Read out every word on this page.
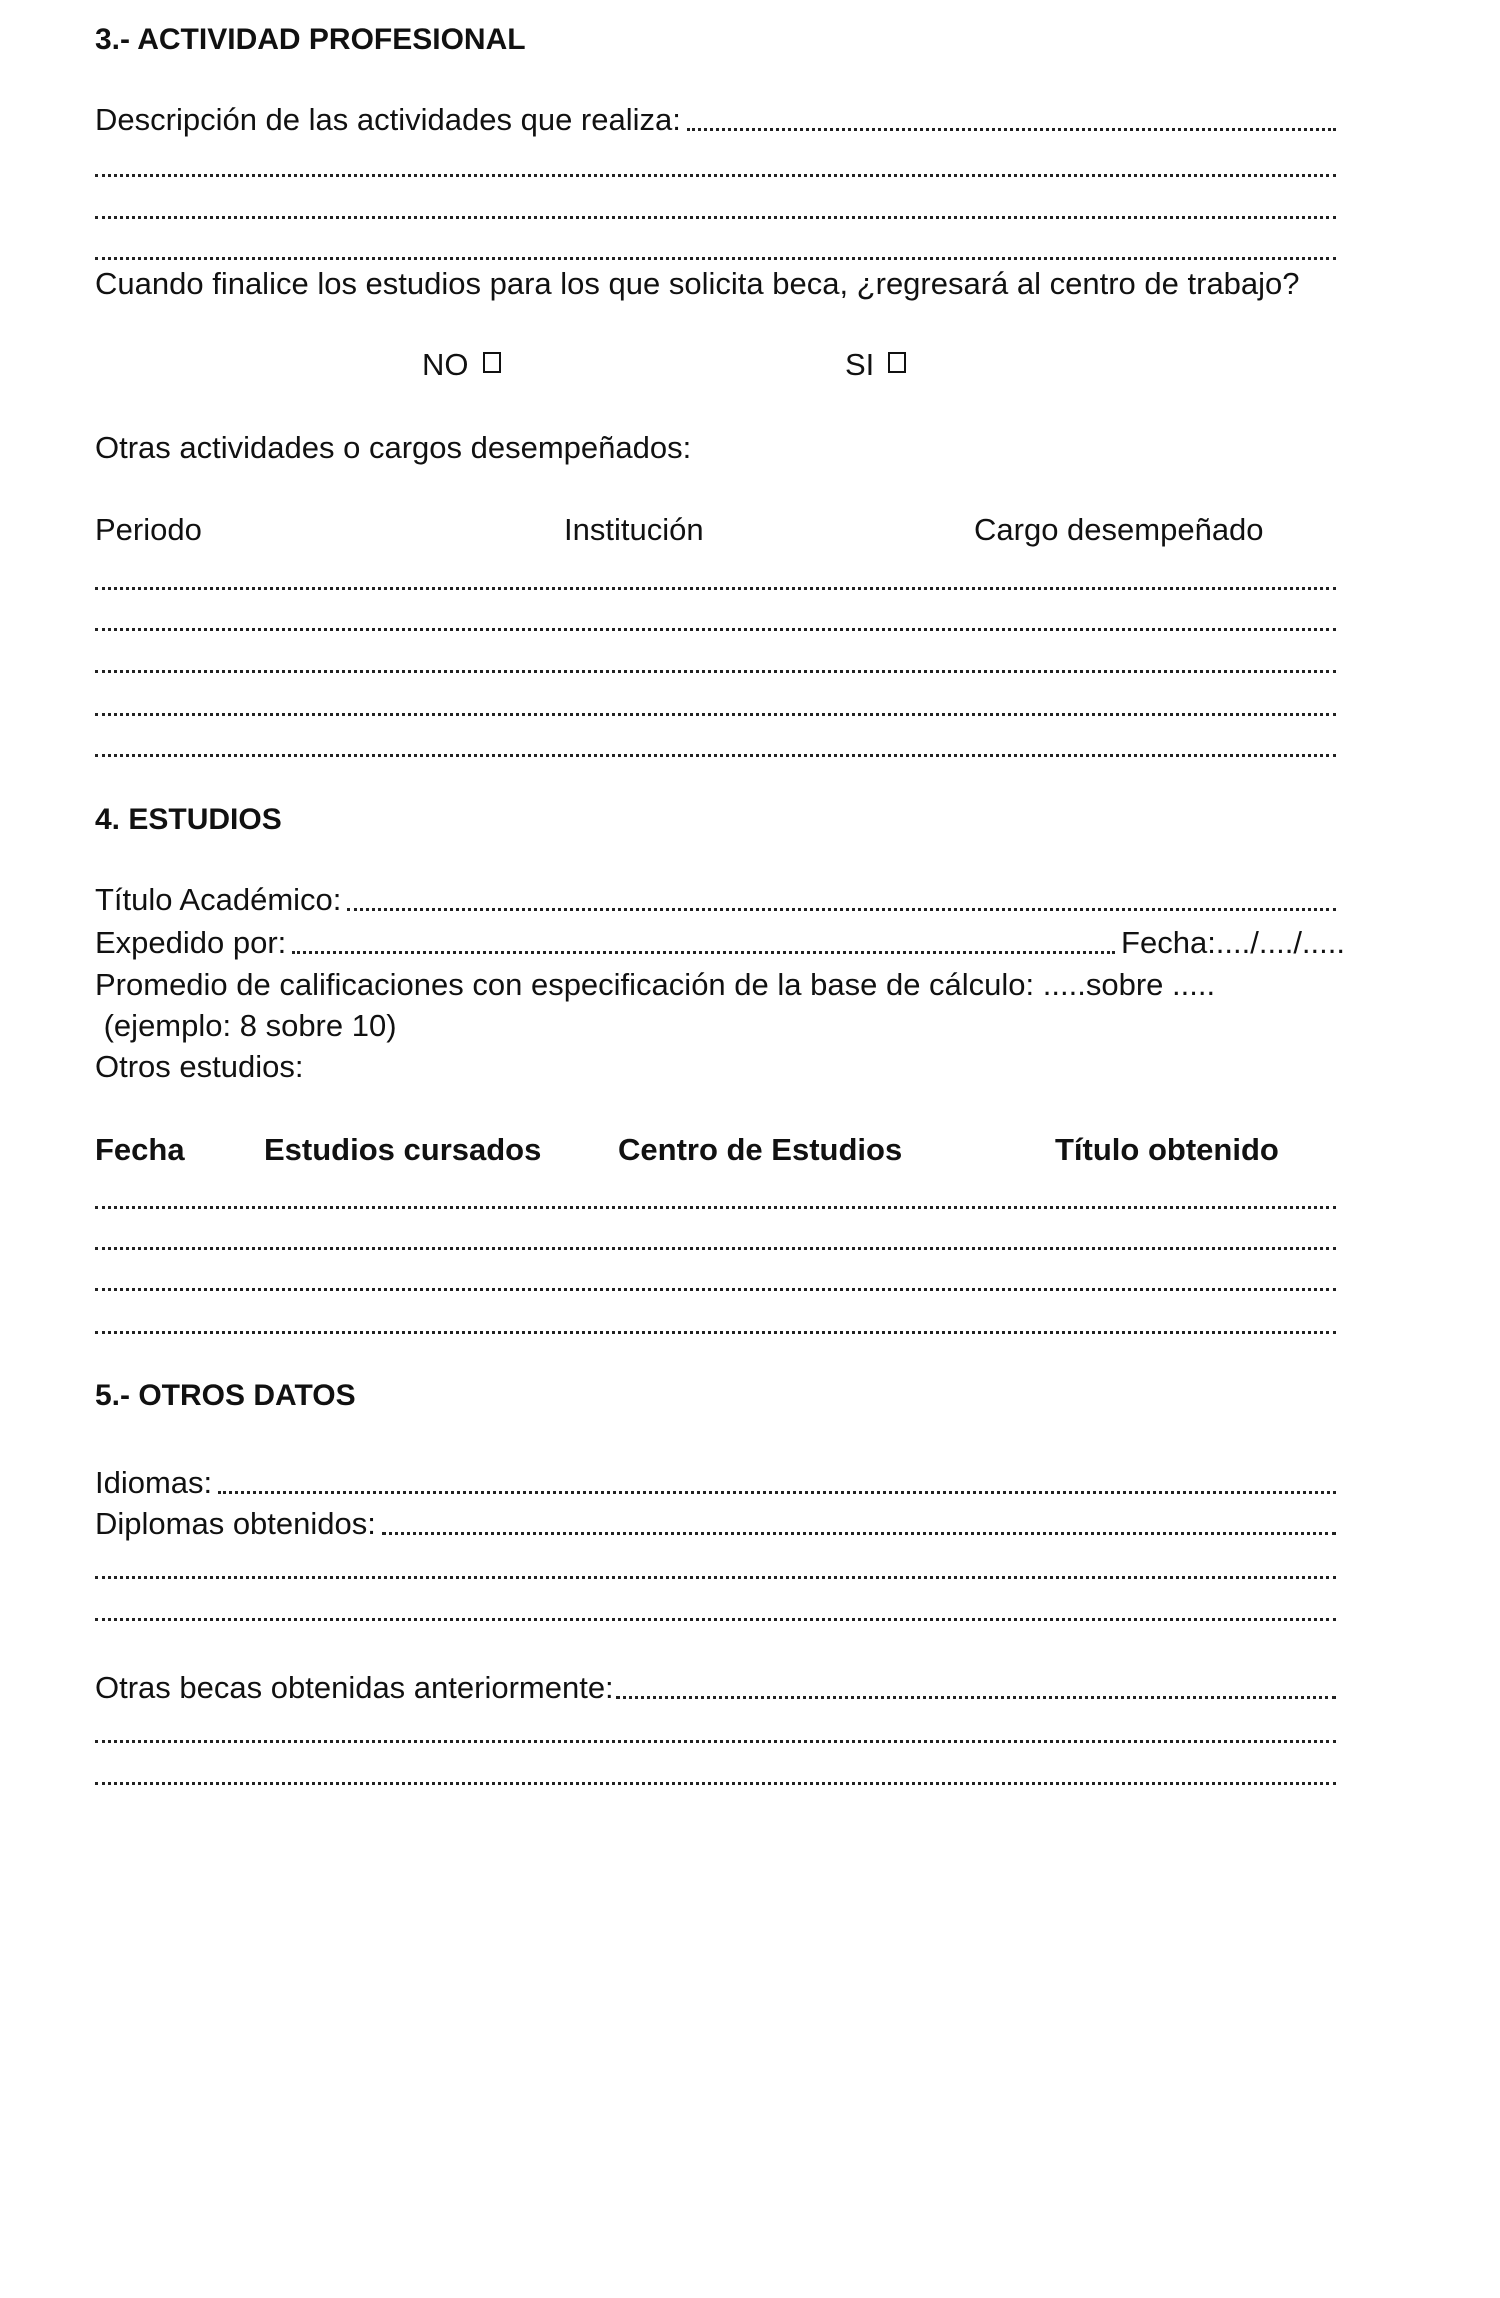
3.- ACTIVIDAD PROFESIONAL
Descripción de las actividades que realiza:
Cuando finalice los estudios para los que solicita beca, ¿regresará al centro de trabajo?
NO	SI
Otras actividades o cargos desempeñados:
Periodo	Institución	Cargo desempeñado
4. ESTUDIOS
Título Académico:
Expedido por:	Fecha:..../..../.....
Promedio de calificaciones con especificación de la base de cálculo: .....sobre .....
(ejemplo: 8 sobre 10)
Otros estudios:
Fecha	Estudios cursados Centro de Estudios	Título obtenido
5.- OTROS DATOS
Idiomas:
Diplomas obtenidos:
Otras becas obtenidas anteriormente:
